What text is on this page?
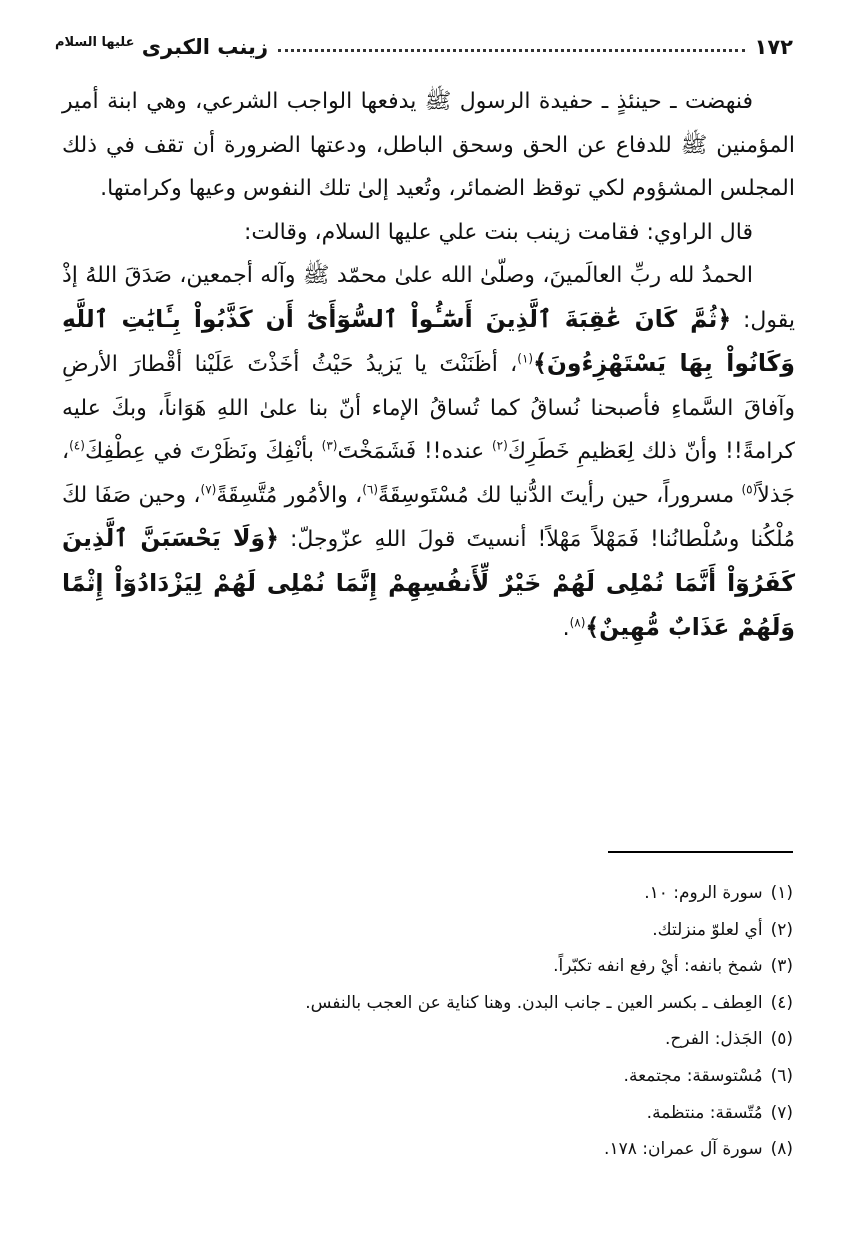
١٧٢
زينب الكبرى $^{عليها السلام}$

فنهضت ـ حينئذٍ ـ حفيدة الرسول ﷺ يدفعها الواجب الشرعي، وهي ابنة أمير المؤمنين ﷺ للدفاع عن الحق وسحق الباطل، ودعتها الضرورة أن تقف في ذلك المجلس المشؤوم لكي توقظ الضمائر، وتُعيد إلىٰ تلك النفوس وعيها وكرامتها.

قال الراوي: فقامت زينب بنت علي عليها السلام، وقالت:

الحمدُ لله ربِّ العالَمينَ، وصلّىٰ الله علىٰ محمّد ﷺ وآله أجمعين، صَدَقَ اللهُ إذْ يقول: ﴿ثُمَّ كَانَ عَٰقِبَةَ ٱلَّذِينَ أَسَٰٓـُٔواْ ٱلسُّوٓأَىٰٓ أَن كَذَّبُواْ بِـَٔايَٰتِ ٱللَّهِ وَكَانُواْ بِهَا يَسْتَهْزِءُونَ﴾$^{(١)}$، أظَنَنْتَ يا يَزيدُ حَيْثُ أخَذْتَ عَلَيْنا أقْطارَ الأرضِ وآفاقَ السَّماءِ فأصبحنا نُساقُ كما تُساقُ الإماء أنّ بنا علىٰ اللهِ هَوَاناً، وبكَ عليه كرامةً!! وأنّ ذلك لِعَظيمِ خَطَرِكَ$^{(٢)}$ عنده!! فَشَمَخْتَ$^{(٣)}$ بأنْفِكَ ونَظَرْتَ في عِطْفِكَ$^{(٤)}$، جَذلاً$^{(٥)}$ مسروراً، حين رأيتَ الدُّنيا لك مُسْتَوسِقَةً$^{(٦)}$، والأمُور مُتَّسِقَةً$^{(٧)}$، وحين صَفَا لكَ مُلْكُنا وسُلْطانُنا! فَمَهْلاً مَهْلاً! أنسيتَ قولَ اللهِ عزّوجلّ: ﴿وَلَا يَحْسَبَنَّ ٱلَّذِينَ كَفَرُوٓاْ أَنَّمَا نُمْلِى لَهُمْ خَيْرٌ لِّأَنفُسِهِمْ إِنَّمَا نُمْلِى لَهُمْ لِيَزْدَادُوٓاْ إِثْمًا وَلَهُمْ عَذَابٌ مُّهِينٌ﴾$^{(٨)}$.

(١)
سورة الروم: ١٠.
(٢)
أي لعلوّ منزلتك.
(٣)
شمخ بانفه: أيْ رفع انفه تكبّراً.
(٤)
العِطف ـ بكسر العين ـ جانب البدن. وهنا كناية عن العجب بالنفس.
(٥)
الجَذل: الفرح.
(٦)
مُسْتوسقة: مجتمعة.
(٧)
مُتّسقة: منتظمة.
(٨)
سورة آل عمران: ١٧٨.
